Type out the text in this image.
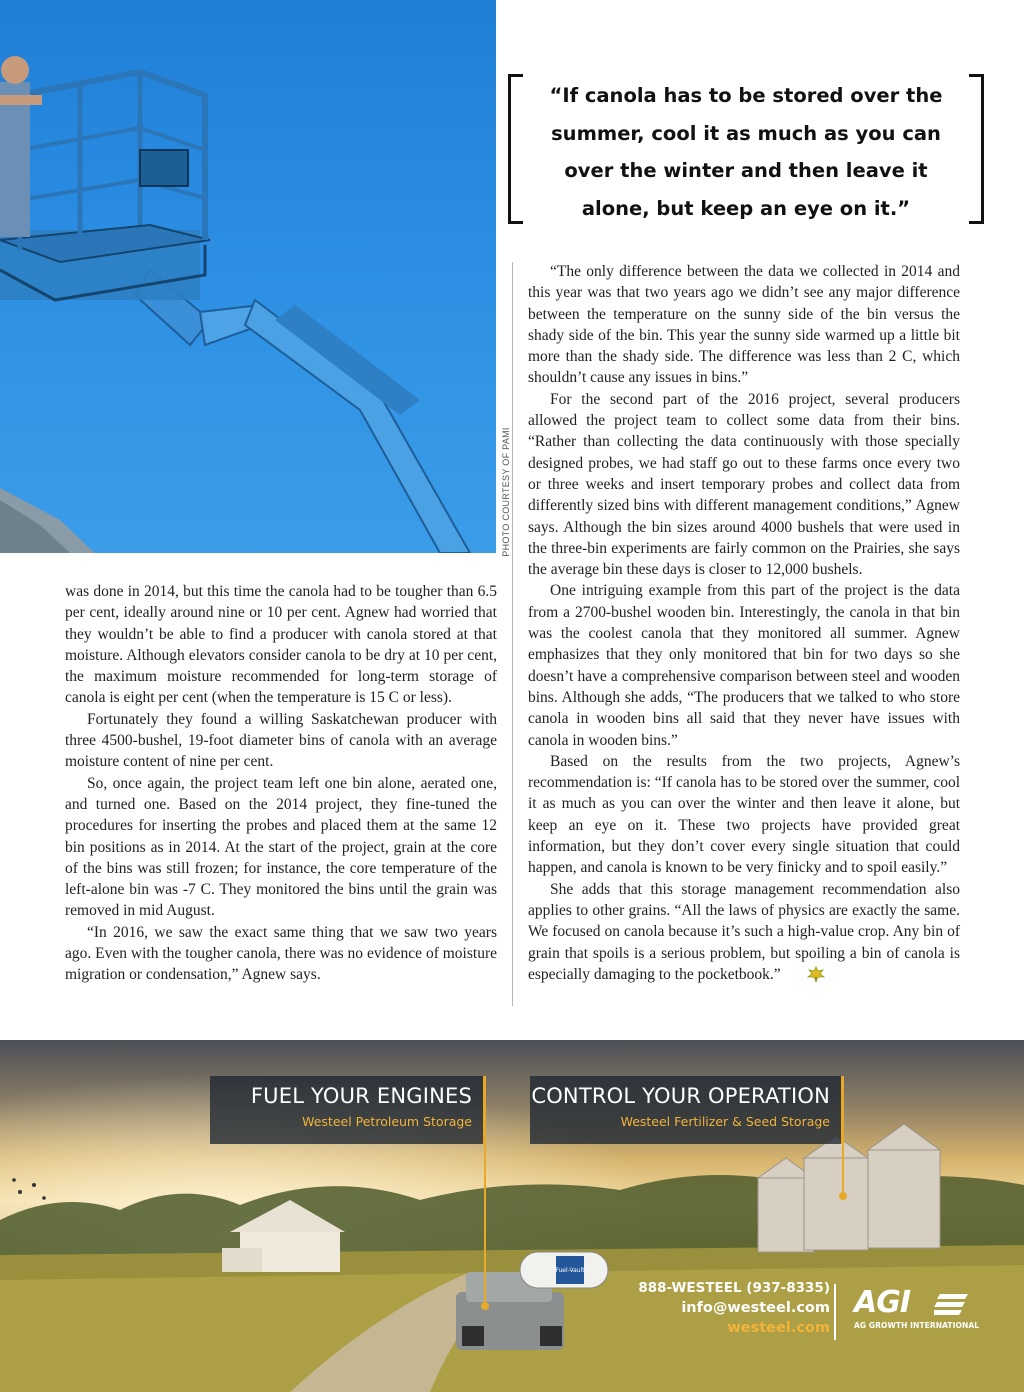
PHOTO COURTESY OF PAMI
“If canola has to be stored over the summer, cool it as much as you can over the winter and then leave it alone, but keep an eye on it.”

was done in 2014, but this time the canola had to be tougher than 6.5 per cent, ideally around nine or 10 per cent. Agnew had worried that they wouldn’t be able to find a producer with canola stored at that moisture. Although elevators consider canola to be dry at 10 per cent, the maximum moisture recommended for long-term storage of canola is eight per cent (when the temperature is 15 C or less).

Fortunately they found a willing Saskatchewan producer with three 4500-bushel, 19-foot diameter bins of canola with an average moisture content of nine per cent.

So, once again, the project team left one bin alone, aerated one, and turned one. Based on the 2014 project, they fine-tuned the procedures for inserting the probes and placed them at the same 12 bin positions as in 2014. At the start of the project, grain at the core of the bins was still frozen; for instance, the core temperature of the left-alone bin was -7 C. They monitored the bins until the grain was removed in mid August.

“In 2016, we saw the exact same thing that we saw two years ago. Even with the tougher canola, there was no evidence of moisture migration or condensation,” Agnew says.

“The only difference between the data we collected in 2014 and this year was that two years ago we didn’t see any major difference between the temperature on the sunny side of the bin versus the shady side of the bin. This year the sunny side warmed up a little bit more than the shady side. The difference was less than 2 C, which shouldn’t cause any issues in bins.”

For the second part of the 2016 project, several producers allowed the project team to collect some data from their bins. “Rather than collecting the data continuously with those specially designed probes, we had staff go out to these farms once every two or three weeks and insert temporary probes and collect data from differently sized bins with different management conditions,” Agnew says. Although the bin sizes around 4000 bushels that were used in the three-bin experiments are fairly common on the Prairies, she says the average bin these days is closer to 12,000 bushels.

One intriguing example from this part of the project is the data from a 2700-bushel wooden bin. Interestingly, the canola in that bin was the coolest canola that they monitored all summer. Agnew emphasizes that they only monitored that bin for two days so she doesn’t have a comprehensive comparison between steel and wooden bins. Although she adds, “The producers that we talked to who store canola in wooden bins all said that they never have issues with canola in wooden bins.”

Based on the results from the two projects, Agnew’s recommendation is: “If canola has to be stored over the summer, cool it as much as you can over the winter and then leave it alone, but keep an eye on it. These two projects have provided great information, but they don’t cover every single situation that could happen, and canola is known to be very finicky and to spoil easily.”

She adds that this storage management recommendation also applies to other grains. “All the laws of physics are exactly the same. We focused on canola because it’s such a high-value crop. Any bin of grain that spoils is a serious problem, but spoiling a bin of canola is especially damaging to the pocketbook.”

Fuel-Vault
FUEL YOUR ENGINES
Westeel Petroleum Storage
CONTROL YOUR OPERATION
Westeel Fertilizer & Seed Storage
888-WESTEEL (937-8335)
info@westeel.com
westeel.com
AGI
AG GROWTH INTERNATIONAL
